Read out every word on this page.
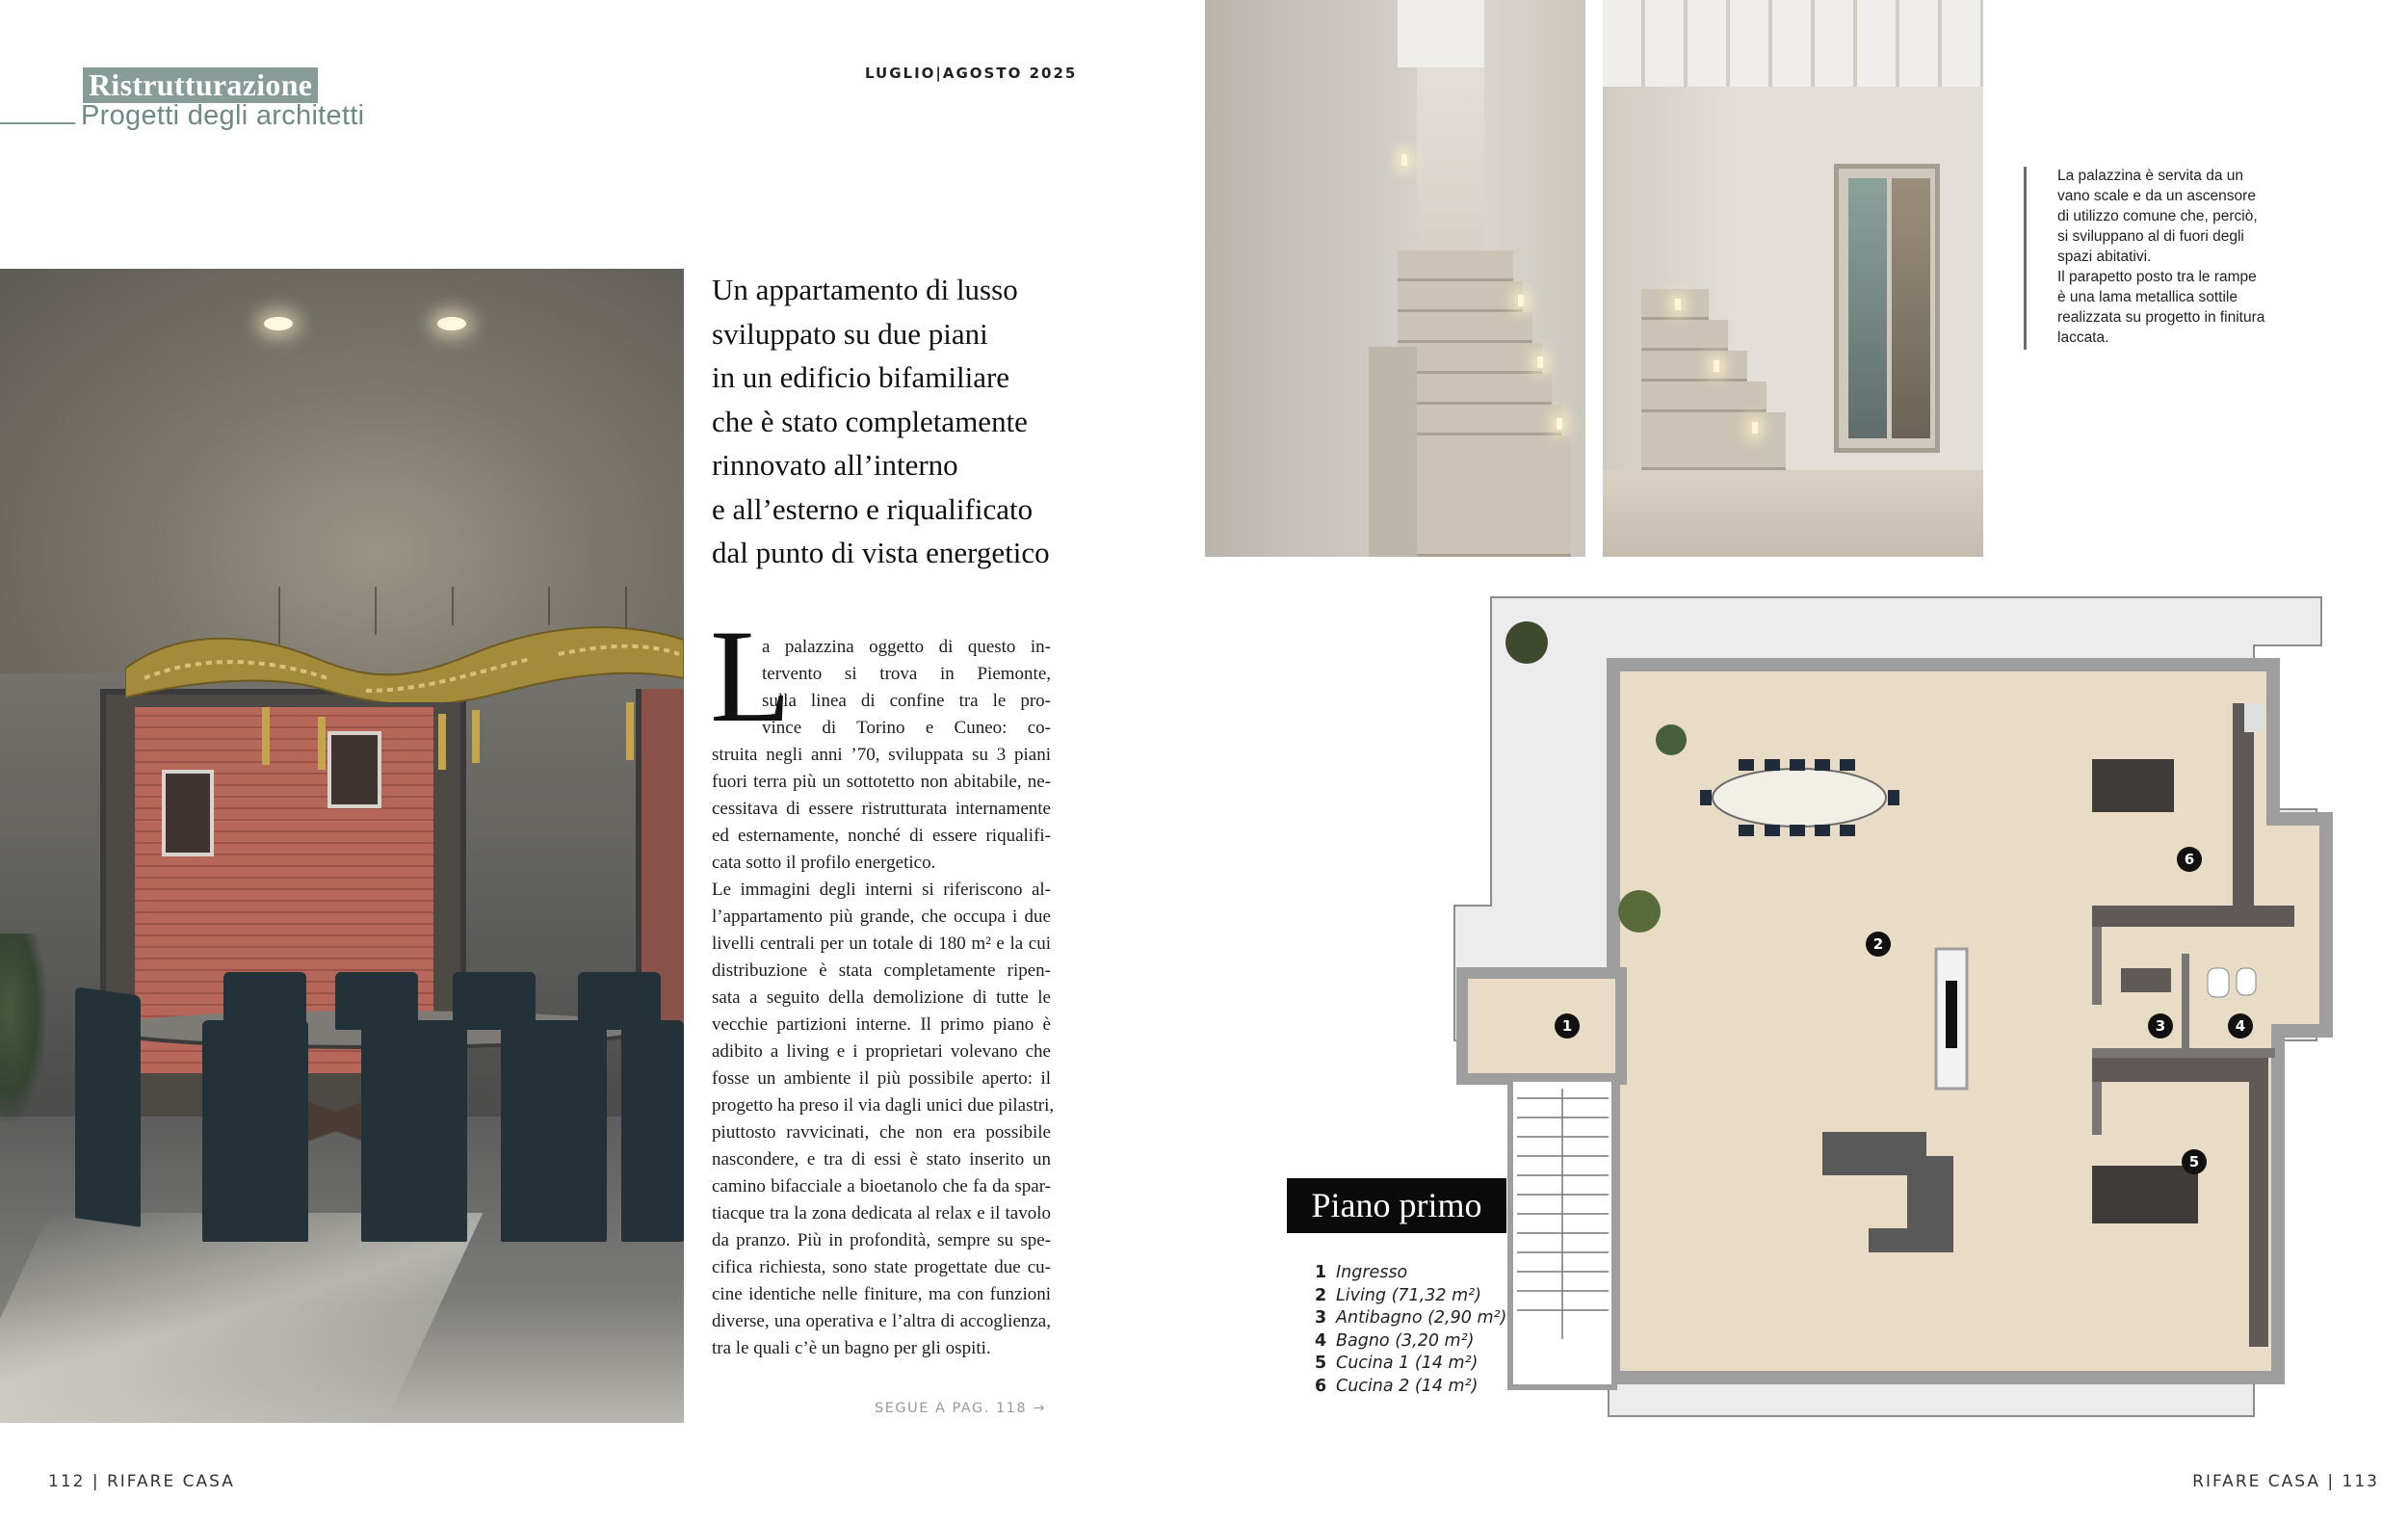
Ristrutturazione
Progetti degli architetti
LUGLIO|AGOSTO 2025
Un appartamento di lusso
sviluppato su due piani
in un edificio bifamiliare
che è stato completamente
rinnovato all’interno
e all’esterno e riqualificato
dal punto di vista energetico
L
a palazzina oggetto di questo in-
tervento si trova in Piemonte,
sulla linea di confine tra le pro-
vince di Torino e Cuneo: co-
struita negli anni ’70, sviluppata su 3 piani
fuori terra più un sottotetto non abitabile, ne-
cessitava di essere ristrutturata internamente
ed esternamente, nonché di essere riqualifi-
cata sotto il profilo energetico.
Le immagini degli interni si riferiscono al-
l’appartamento più grande, che occupa i due
livelli centrali per un totale di 180 m² e la cui
distribuzione è stata completamente ripen-
sata a seguito della demolizione di tutte le
vecchie partizioni interne. Il primo piano è
adibito a living e i proprietari volevano che
fosse un ambiente il più possibile aperto: il
progetto ha preso il via dagli unici due pilastri,
piuttosto ravvicinati, che non era possibile
nascondere, e tra di essi è stato inserito un
camino bifacciale a bioetanolo che fa da spar-
tiacque tra la zona dedicata al relax e il tavolo
da pranzo. Più in profondità, sempre su spe-
cifica richiesta, sono state progettate due cu-
cine identiche nelle finiture, ma con funzioni
diverse, una operativa e l’altra di accoglienza,
tra le quali c’è un bagno per gli ospiti.
SEGUE A PAG. 118 →
112 | RIFARE CASA	RIFARE CASA | 113
La palazzina è servita da un
vano scale e da un ascensore
di utilizzo comune che, perciò,
si sviluppano al di fuori degli
spazi abitativi.
Il parapetto posto tra le rampe
è una lama metallica sottile
realizzata su progetto in finitura
laccata.
1
2
3	4
5
6
Piano primo
1 Ingresso
2 Living (71,32 m²)
3 Antibagno (2,90 m²)
4 Bagno (3,20 m²)
5 Cucina 1 (14 m²)
6 Cucina 2 (14 m²)
